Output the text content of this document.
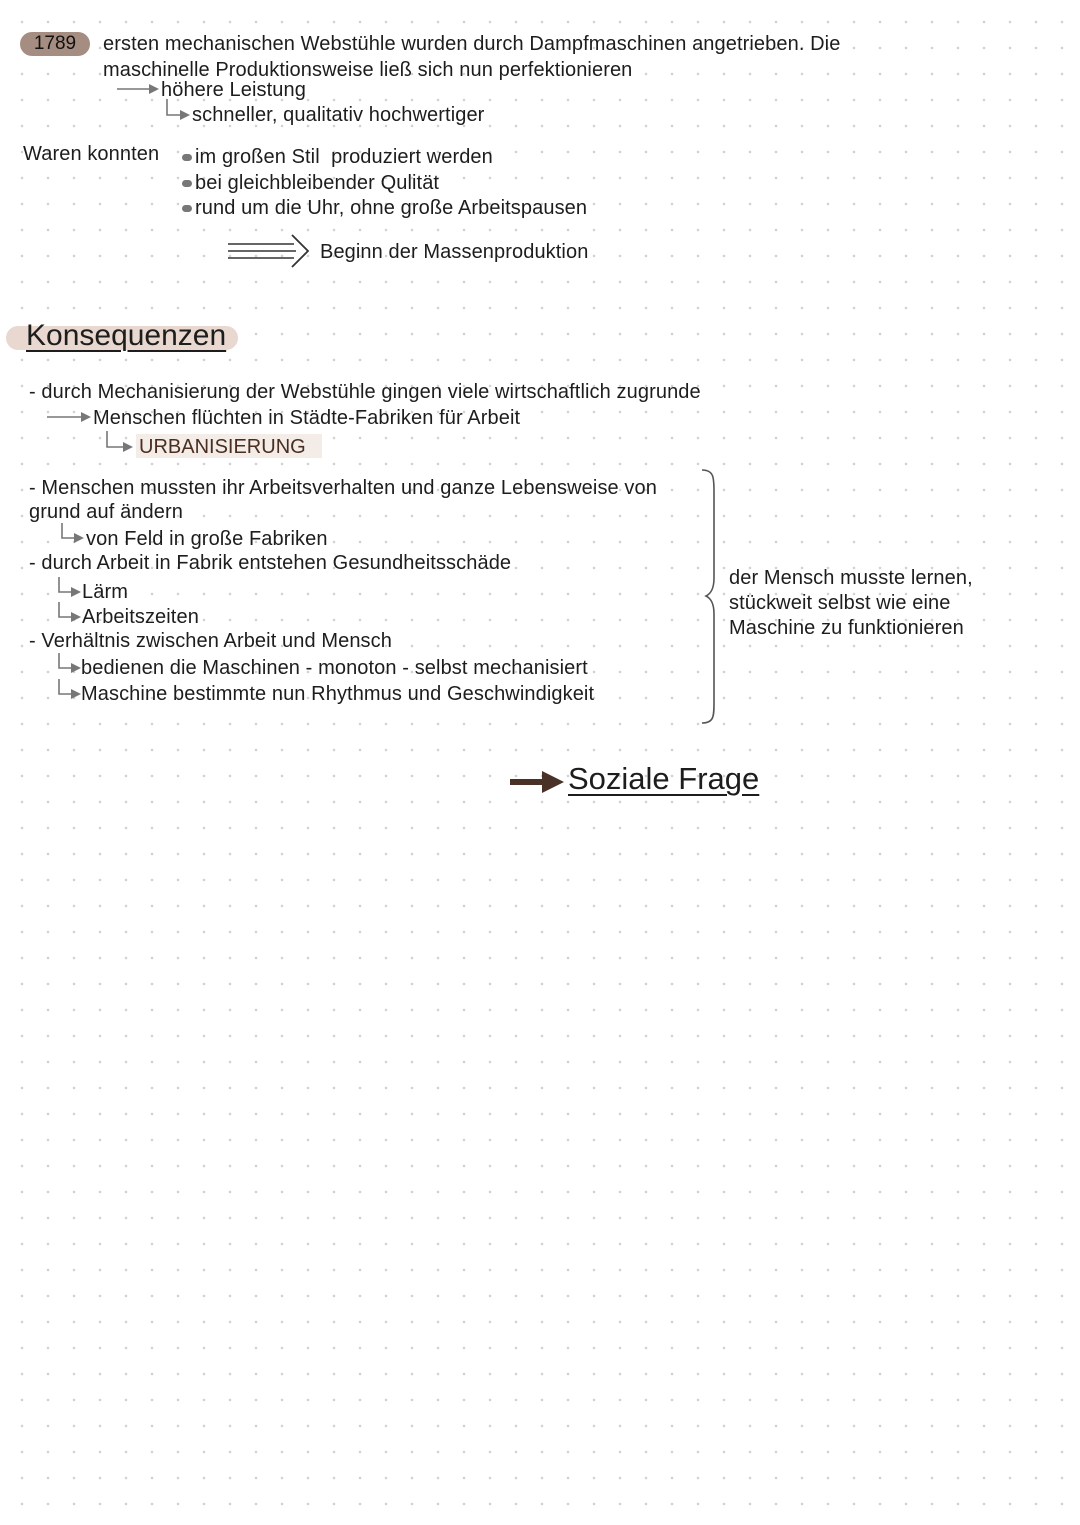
1789	ersten mechanischen Webstühle wurden durch Dampfmaschinen angetrieben. Die
maschinelle Produktionsweise ließ sich nun perfektionieren
höhere Leistung
schneller, qualitativ hochwertiger
Waren konnten im großen Stil  produziert werden
bei gleichbleibender Qulität
rund um die Uhr, ohne große Arbeitspausen
Beginn der Massenproduktion
Konsequenzen
- durch Mechanisierung der Webstühle gingen viele wirtschaftlich zugrunde
Menschen flüchten in Städte-Fabriken für Arbeit
URBANISIERUNG
- Menschen mussten ihr Arbeitsverhalten und ganze Lebensweise von
grund auf ändern
von Feld in große Fabriken
- durch Arbeit in Fabrik entstehen Gesundheitsschäde
Lärm
Arbeitszeiten
- Verhältnis zwischen Arbeit und Mensch
bedienen die Maschinen - monoton - selbst mechanisiert
Maschine bestimmte nun Rhythmus und Geschwindigkeit
der Mensch musste lernen,
stückweit selbst wie eine
Maschine zu funktionieren
Soziale Frage
